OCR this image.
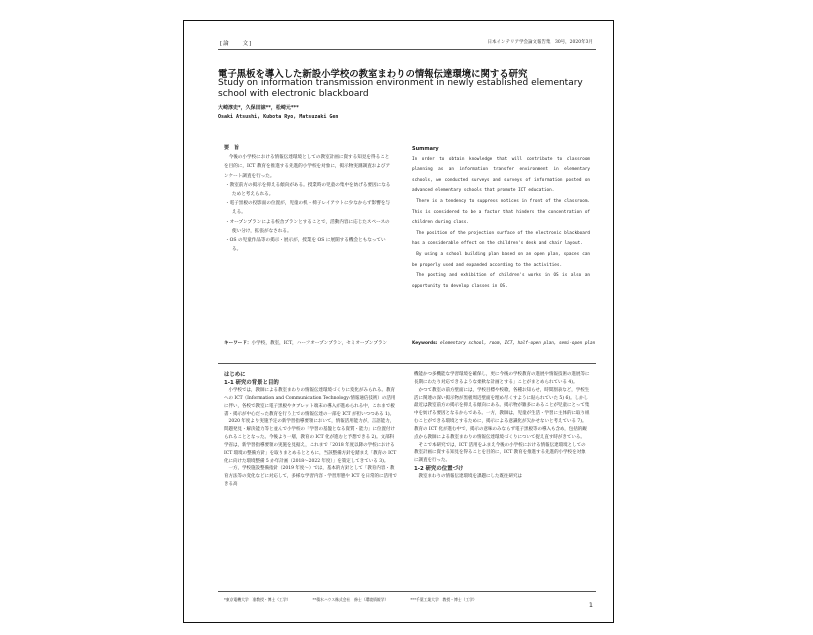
[論　　文]	日本インテリア学会論文報告集　30号，2020年3月
電子黒板を導入した新設小学校の教室まわりの情報伝達環境に関する研究
Study on information transmission environment in newly established elementary school with electronic blackboard
大崎淳史*，久保田諒**，松崎元***
Osaki Atsushi, Kubota Ryo, Matsuzaki Gen
要　旨

今後の小学校における情報伝達環境としての教室計画に資する知見を得ることを目的に，ICT 教育を推進する先進的小学校を対象に，掲示物実測調査およびアンケート調査を行った。

・教室前方の掲示を抑える傾向がある。授業時の児童の集中を妨げる要因になるためと考えられる。

・電子黒板の投影面の位置が，児童の机・椅子レイアウトに少なからず影響を与える。

・オープンプランによる校舎プランとすることで，活動内容に応じたスペースの使い分け，拡張がなされる。

・OS の児童作品等の掲示・展示が，授業を OS に展開する機会ともなっている。

Summary

In order to obtain knowledge that will contribute to classroom planning as an information transfer environment in elementary schools, we conducted surveys and surveys of information posted on advanced elementary schools that promote ICT education.

There is a tendency to suppress notices in front of the classroom. This is considered to be a factor that hinders the concentration of children during class.

The position of the projection surface of the electronic blackboard has a considerable effect on the children's desk and chair layout.

By using a school building plan based on an open plan, spaces can be properly used and expanded according to the activities.

The posting and exhibition of children's works in OS is also an opportunity to develop classes in OS.

キーワード：小学校，教室，ICT，ハーフオープンプラン，セミオープンプラン	Keywords: elementary school, room, ICT, half-open plan, semi-open plan
はじめに
1-1 研究の背景と目的

小学校では，教師による教室まわりの情報伝達環境づくりに変化がみられる。教育への ICT（Information and Communication Technology:情報通信技術）の活用に伴い，各校で教室に電子黒板やタブレット端末の導入が進められる中，これまで板書・掲示が中心だった教育を行う上での情報伝達の一部を ICT が担いつつある 1)。

2020 年度より実施予定の新学習指導要領において，情報活用能力が，言語能力，問題発見・解決能力等と並んで小学校の「学習の基盤となる資質・能力」に位置付けられることとなった。今後より一層，教育の ICT 化が進むと予想できる 2)。文部科学省は，新学習指導要領の実施を見据え，これまで「2018 年度以降の学校における ICT 環境の整備方針」を取りまとめるとともに，当該整備方針を踏まえ「教育の ICT 化に向けた環境整備 5 か年計画（2018～2022 年度）」を策定してきている 3)。

一方，学校施設整備指針（2019 年度～）では，基本的方針として「教育内容・教育方法等の変化などに対応して，多様な学習内容・学習形態や ICT を日常的に活用できる高

機能かつ多機能な学習環境を確保し，更に今後の学校教育の進展や情報技術の進展等に長期にわたり対応できるような柔軟な計画とする」ことがまとめられている 4)。

かつて教室の前方壁面には，学校目標や校歌，各種お知らせ，時間割表など，学校生活に関連の深い掲示物が黒板周辺壁面を埋め尽くすように貼られていた 5) 6)。しかし最近は教室前方の掲示を抑える傾向にある。掲示物が雑多にあることが児童にとって集中を妨げる要因となるからである。一方，教師は，児童が生活・学習に主体的に取り組むことができる環境とするために，掲示による意識化が欠かせないと考えている 7)。教育の ICT 化が進む中で，掲示の意味のみならず電子黒板等の導入も含め，包括的観点から教師による教室まわりの情報伝達環境づくりについて捉え直す時がきている。

そこで本研究では，ICT 活用をふまえ今後の小学校における情報伝達環境としての教室計画に資する知見を得ることを目的に，ICT 教育を推進する先進的小学校を対象に調査を行った。

1-2 研究の位置づけ

教室まわりの情報伝達環境を課題にした既往研究は

*東京電機大学　准教授・博士（工学）	**積水ハウス株式会社　修士（環境情報学）	***千葉工業大学　教授・博士（工学）
1
